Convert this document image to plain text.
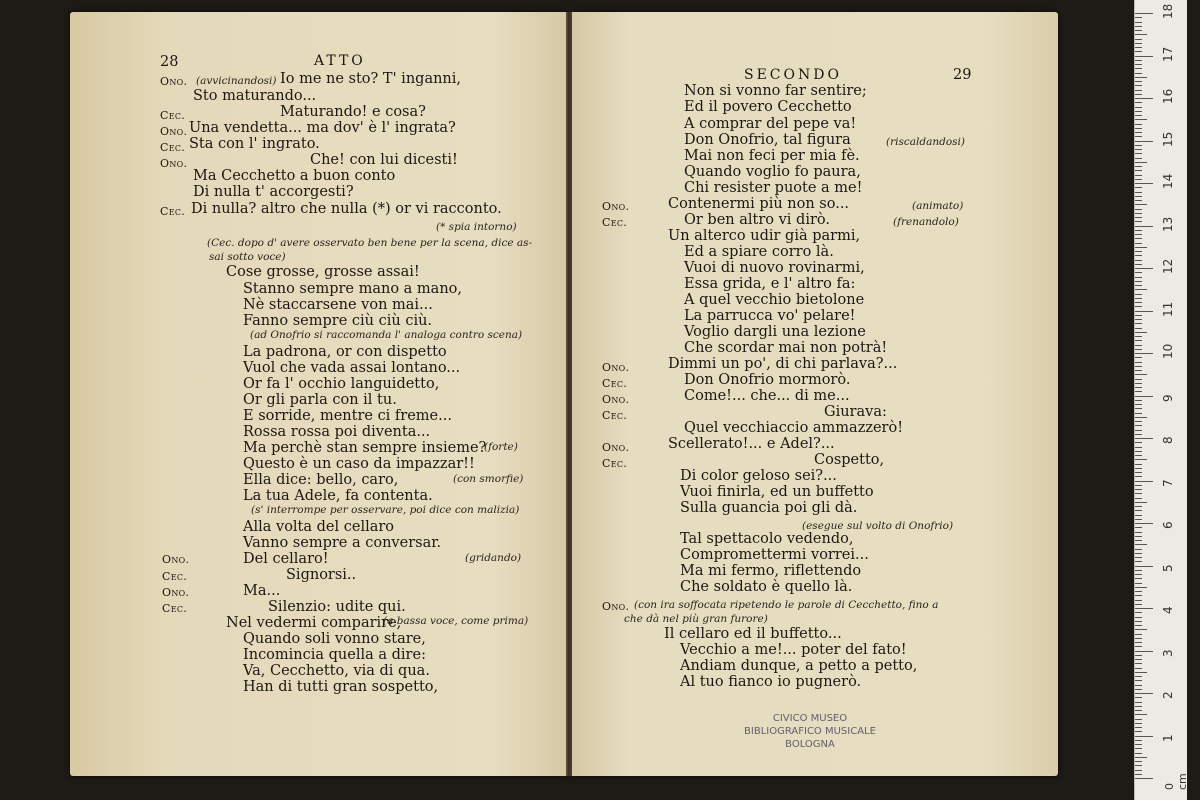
28	ATTO
Ono.
Cec.
Ono.
Cec.
Ono.
Cec.
Ono.
Cec.
Ono.
Cec.
(avvicinandosi)
(* spia intorno)
(Cec. dopo d' avere osservato ben bene per la scena, dice as-
sai sotto voce)
(ad Onofrio si raccomanda l' analoga contro scena)
(forte)
(con smorfie)
(s' interrompe per osservare, poi dice con malizia)
(gridando)
(a bassa voce, come prima)
Io me ne sto? T' inganni,
Sto maturando...
Maturando! e cosa?
Una vendetta... ma dov' è l' ingrata?
Sta con l' ingrato.
Che! con lui dicesti!
Ma Cecchetto a buon conto
Di nulla t' accorgesti?
Di nulla? altro che nulla (*) or vi racconto.
Cose grosse, grosse assai!
Stanno sempre mano a mano,
Nè staccarsene von mai...
Fanno sempre ciù ciù ciù.
La padrona, or con dispetto
Vuol che vada assai lontano...
Or fa l' occhio languidetto,
Or gli parla con il tu.
E sorride, mentre ci freme...
Rossa rossa poi diventa...
Ma perchè stan sempre insieme?
Questo è un caso da impazzar!!
Ella dice: bello, caro,
La tua Adele, fa contenta.
Alla volta del cellaro
Vanno sempre a conversar.
Del cellaro!
Signorsi..
Ma...
Silenzio: udite qui.
Nel vedermi comparire,
Quando soli vonno stare,
Incomincia quella a dire:
Va, Cecchetto, via di qua.
Han di tutti gran sospetto,
SECONDO	29
Ono.
Cec.
Ono.
Cec.
Ono.
Cec.
Ono.
Cec.
Ono.
(riscaldandosi)
(animato)
(frenandolo)
(esegue sul volto di Onofrio)
(con ira soffocata ripetendo le parole di Cecchetto, fino a
che dà nel più gran furore)
Non si vonno far sentire;
Ed il povero Cecchetto
A comprar del pepe va!
Don Onofrio, tal figura
Mai non feci per mia fè.
Quando voglio fo paura,
Chi resister puote a me!
Contenermi più non so...
Or ben altro vi dirò.
Un alterco udir già parmi,
Ed a spiare corro là.
Vuoi di nuovo rovinarmi,
Essa grida, e l' altro fa:
A quel vecchio bietolone
La parrucca vo' pelare!
Voglio dargli una lezione
Che scordar mai non potrà!
Dimmi un po', di chi parlava?...
Don Onofrio mormorò.
Come!... che... di me...
Giurava:
Quel vecchiaccio ammazzerò!
Scellerato!... e Adel?...
Cospetto,
Di color geloso sei?...
Vuoi finirla, ed un buffetto
Sulla guancia poi gli dà.
Tal spettacolo vedendo,
Compromettermi vorrei...
Ma mi fermo, riflettendo
Che soldato è quello là.
Il cellaro ed il buffetto...
Vecchio a me!... poter del fato!
Andiam dunque, a petto a petto,
Al tuo fianco io pugnerò.
CIVICO MUSEO
BIBLIOGRAFICO MUSICALE
BOLOGNA
0 cm
1
2
3
4
5
6
7
8
9
10
11
12
13
14
15
16
17
18
